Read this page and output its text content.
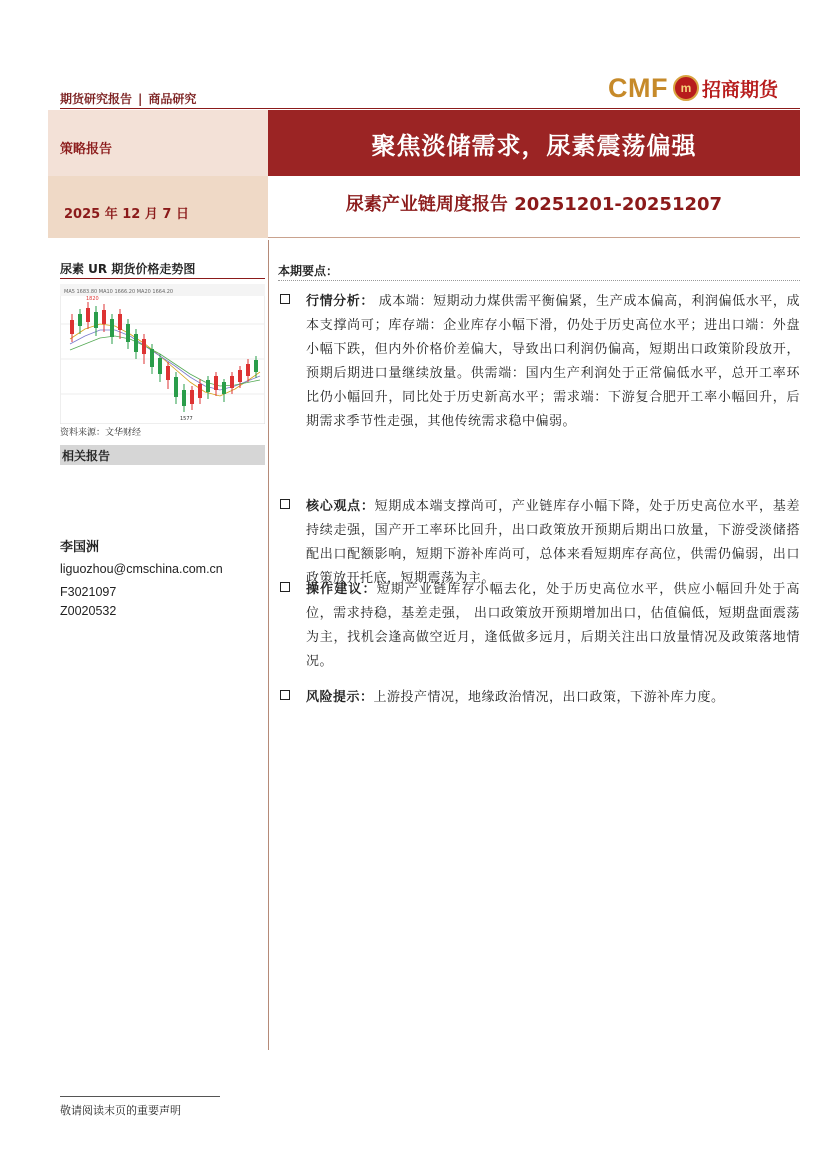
期货研究报告 | 商品研究	CMF	m 招商期货
策略报告
2025 年 12 月 7 日
聚焦淡储需求，尿素震荡偏强
尿素产业链周度报告 20251201-20251207
尿素 UR 期货价格走势图
MA5 1683.80 MA10 1666.20 MA20 1664.20
1820
1577
资料来源：文华财经
相关报告
李国洲
liguozhou@cmschina.com.cn
F3021097
Z0020532
本期要点：
行情分析： 成本端：短期动力煤供需平衡偏紧，生产成本偏高，利润偏低水平，成本支撑尚可；库存端：企业库存小幅下滑，仍处于历史高位水平；进出口端：外盘小幅下跌，但内外价格价差偏大，导致出口利润仍偏高，短期出口政策阶段放开，预期后期进口量继续放量。供需端：国内生产利润处于正常偏低水平，总开工率环比仍小幅回升，同比处于历史新高水平；需求端：下游复合肥开工率小幅回升，后期需求季节性走强，其他传统需求稳中偏弱。
核心观点：短期成本端支撑尚可，产业链库存小幅下降，处于历史高位水平，基差持续走强，国产开工率环比回升，出口政策放开预期后期出口放量，下游受淡储搭配出口配额影响，短期下游补库尚可，总体来看短期库存高位，供需仍偏弱，出口政策放开托底，短期震荡为主。
操作建议：短期产业链库存小幅去化，处于历史高位水平，供应小幅回升处于高位，需求持稳，基差走强， 出口政策放开预期增加出口，估值偏低，短期盘面震荡为主，找机会逢高做空近月，逢低做多远月，后期关注出口放量情况及政策落地情况。
风险提示：上游投产情况，地缘政治情况，出口政策，下游补库力度。
敬请阅读末页的重要声明
